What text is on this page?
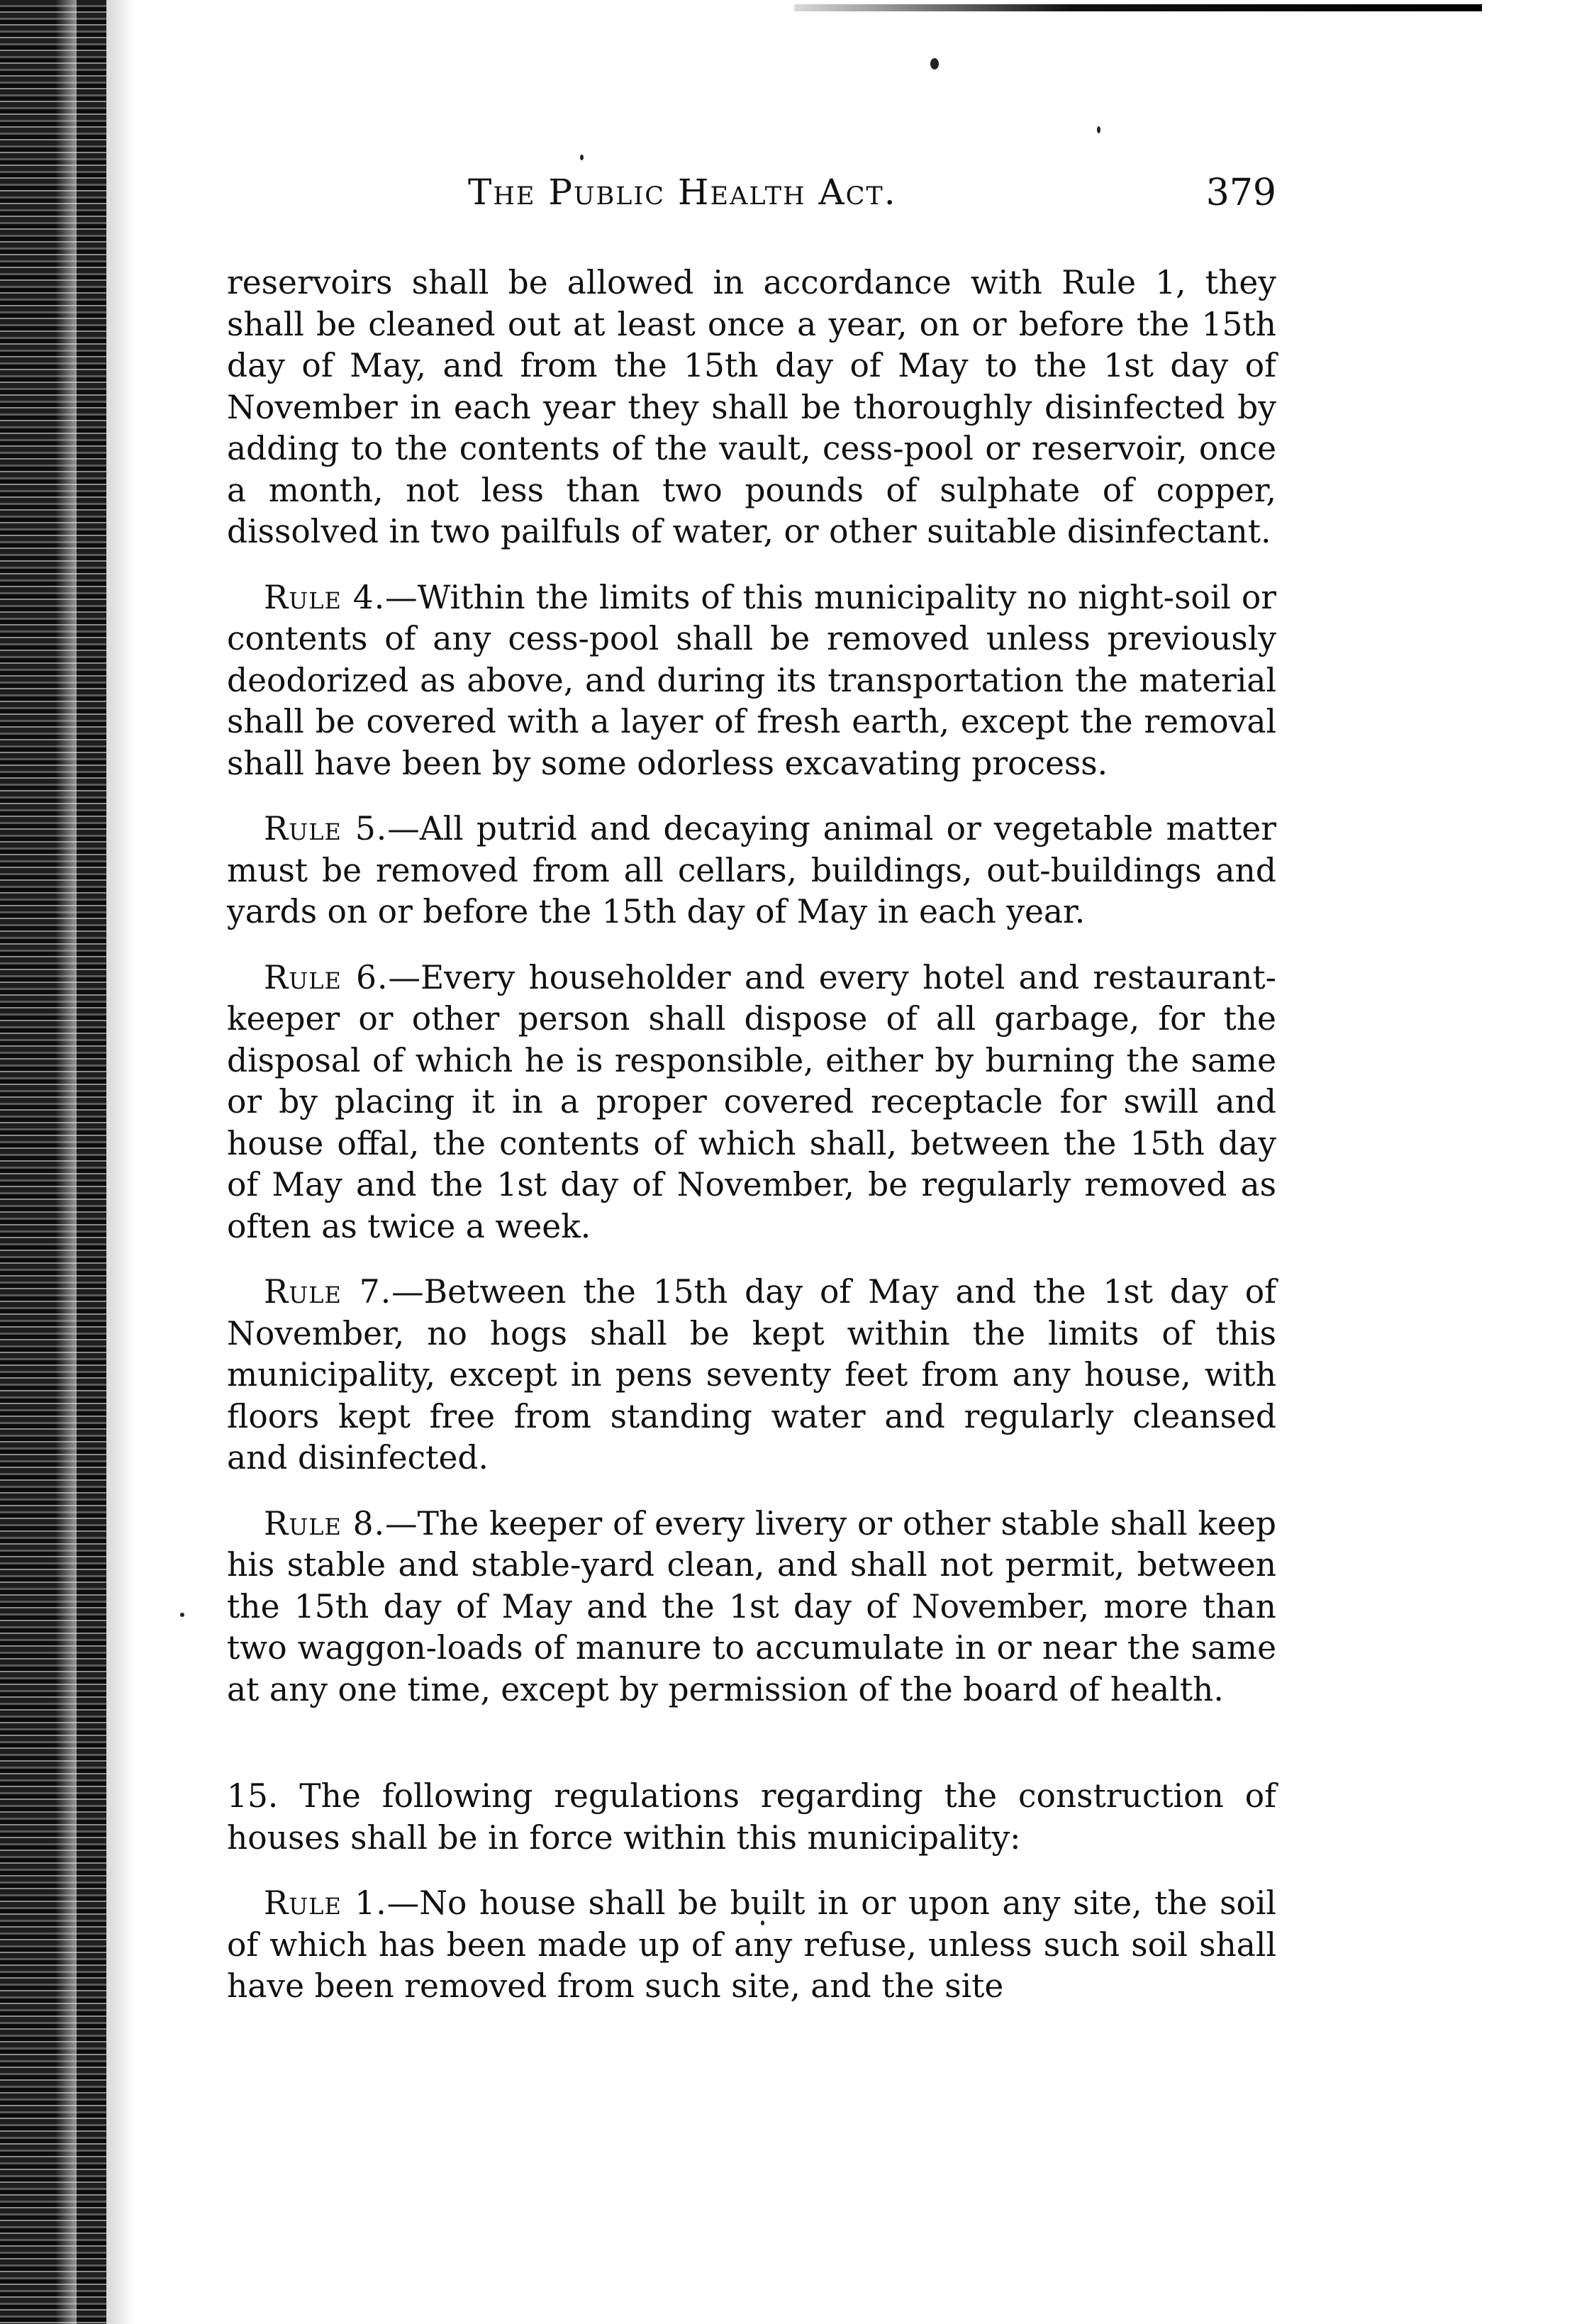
The Public Health Act.	379

reservoirs shall be allowed in accordance with Rule 1, they shall be cleaned out at least once a year, on or before the 15th day of May, and from the 15th day of May to the 1st day of November in each year they shall be thoroughly disinfected by adding to the contents of the vault, cess-pool or reservoir, once a month, not less than two pounds of sulphate of copper, dissolved in two pailfuls of water, or other suitable disinfectant.

Rule 4.—Within the limits of this municipality no night-soil or contents of any cess-pool shall be removed unless previously deodorized as above, and during its transportation the material shall be covered with a layer of fresh earth, except the removal shall have been by some odorless excavating process.

Rule 5.—All putrid and decaying animal or vegetable matter must be removed from all cellars, buildings, out-buildings and yards on or before the 15th day of May in each year.

Rule 6.—Every householder and every hotel and restaurant-keeper or other person shall dispose of all garbage, for the disposal of which he is responsible, either by burning the same or by placing it in a proper covered receptacle for swill and house offal, the contents of which shall, between the 15th day of May and the 1st day of November, be regularly removed as often as twice a week.

Rule 7.—Between the 15th day of May and the 1st day of November, no hogs shall be kept within the limits of this municipality, except in pens seventy feet from any house, with floors kept free from standing water and regularly cleansed and disinfected.

Rule 8.—The keeper of every livery or other stable shall keep his stable and stable-yard clean, and shall not permit, between the 15th day of May and the 1st day of November, more than two waggon-loads of manure to accumulate in or near the same at any one time, except by permission of the board of health.

15. The following regulations regarding the construction of houses shall be in force within this municipality:

Rule 1.—No house shall be built in or upon any site, the soil of which has been made up of any refuse, unless such soil shall have been removed from such site, and the site
